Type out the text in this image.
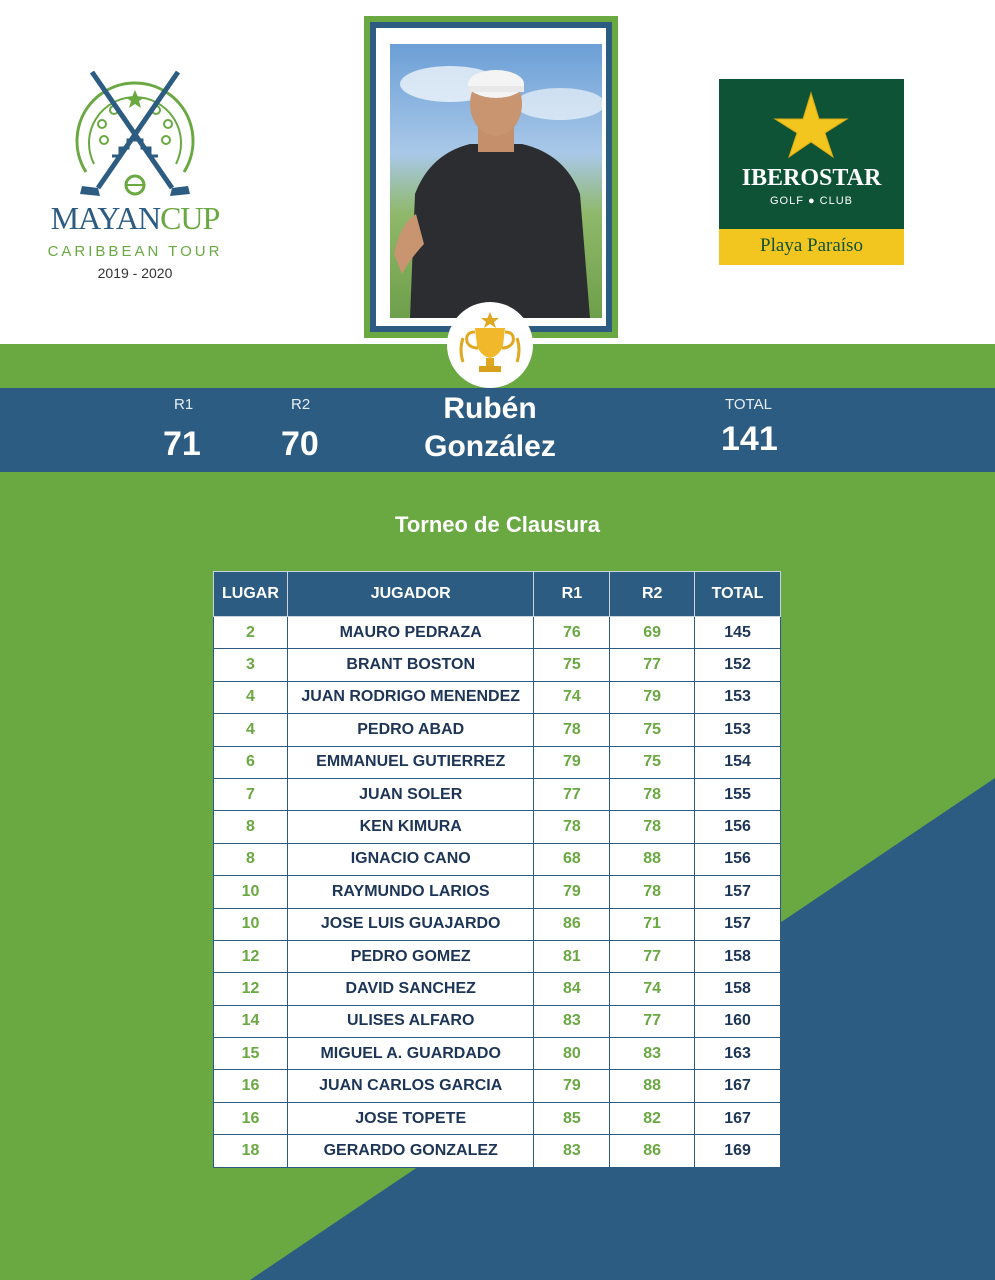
MAYANCUP
CARIBBEAN TOUR
2019 - 2020
IBEROSTAR
GOLF ● CLUB
Playa Paraíso
R1
71
R2
70
Rubén
González
TOTAL
141
Torneo de Clausura
LUGAR	JUGADOR	R1	R2	TOTAL
2	MAURO PEDRAZA	76	69	145
3	BRANT BOSTON	75	77	152
4	JUAN RODRIGO MENENDEZ	74	79	153
4	PEDRO ABAD	78	75	153
6	EMMANUEL GUTIERREZ	79	75	154
7	JUAN SOLER	77	78	155
8	KEN KIMURA	78	78	156
8	IGNACIO CANO	68	88	156
10	RAYMUNDO LARIOS	79	78	157
10	JOSE LUIS GUAJARDO	86	71	157
12	PEDRO GOMEZ	81	77	158
12	DAVID SANCHEZ	84	74	158
14	ULISES ALFARO	83	77	160
15	MIGUEL A. GUARDADO	80	83	163
16	JUAN CARLOS GARCIA	79	88	167
16	JOSE TOPETE	85	82	167
18	GERARDO GONZALEZ	83	86	169
